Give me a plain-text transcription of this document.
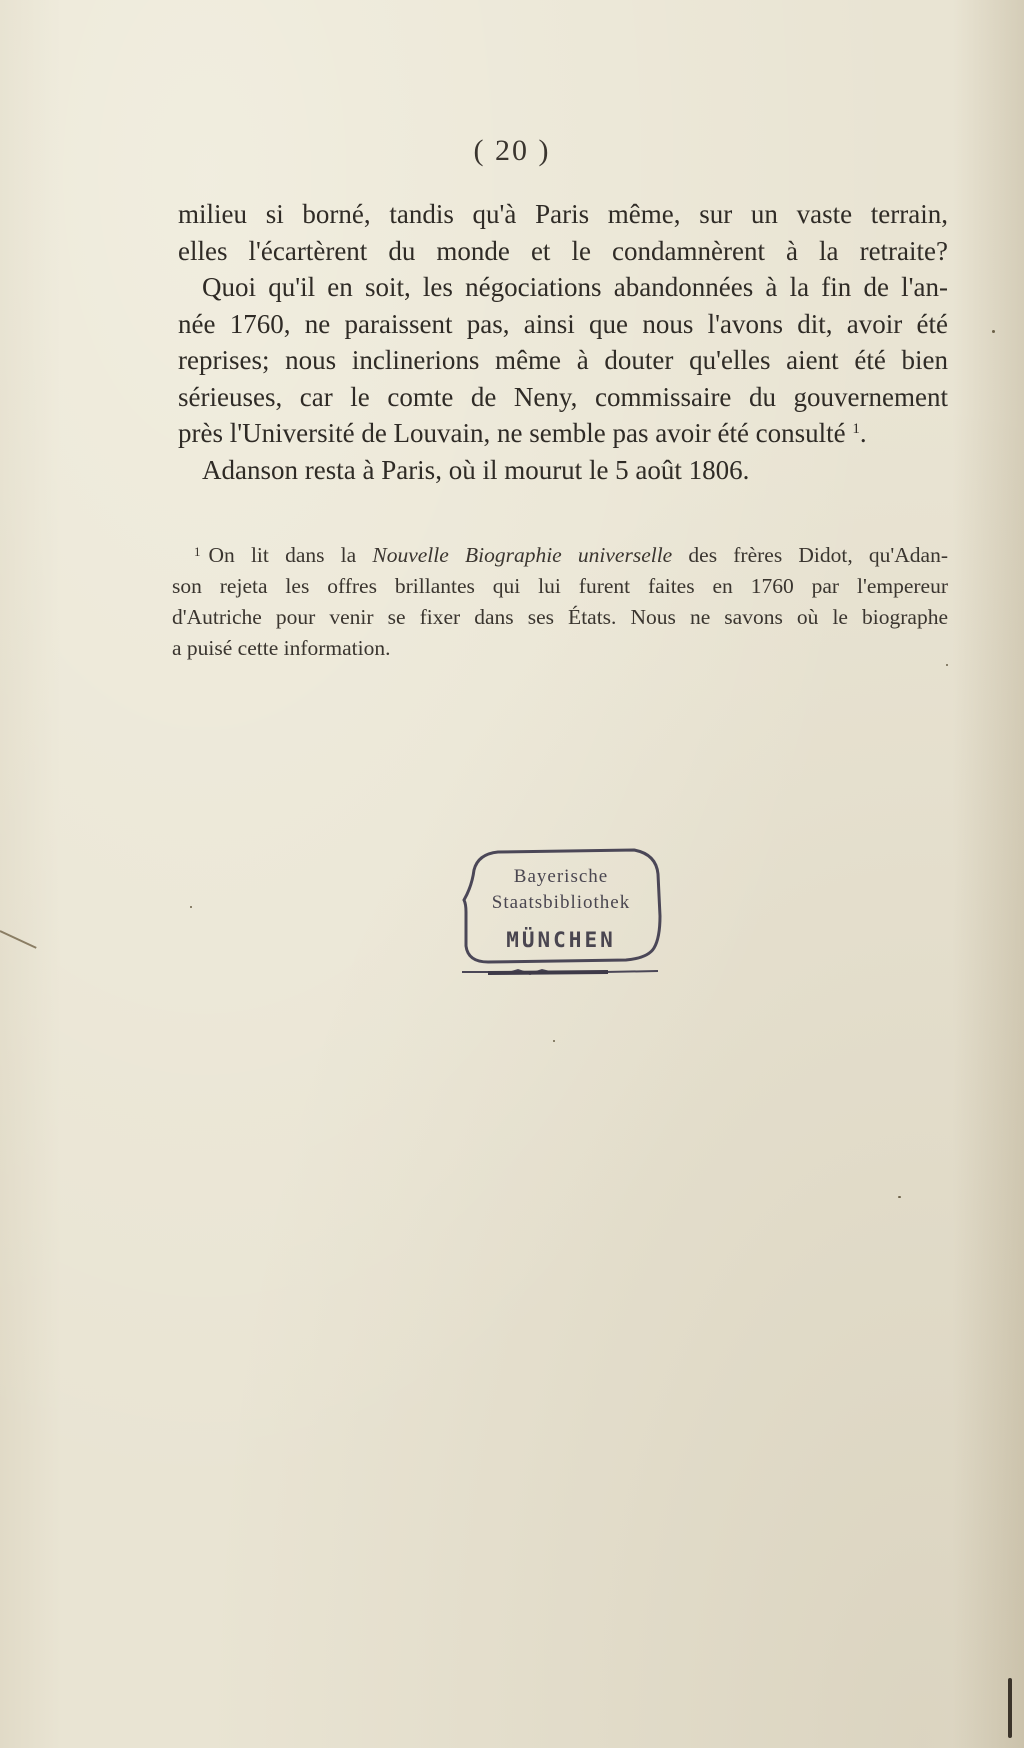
( 20 )
milieu si borné, tandis qu'à Paris même, sur un vaste terrain,
elles l'écartèrent du monde et le condamnèrent à la retraite?
Quoi qu'il en soit, les négociations abandonnées à la fin de l'an-
née 1760, ne paraissent pas, ainsi que nous l'avons dit, avoir été
reprises; nous inclinerions même à douter qu'elles aient été bien
sérieuses, car le comte de Neny, commissaire du gouvernement
près l'Université de Louvain, ne semble pas avoir été consulté $^1$.
Adanson resta à Paris, où il mourut le 5 août 1806.
$^1$ On lit dans la Nouvelle Biographie universelle des frères Didot, qu'Adan-
son rejeta les offres brillantes qui lui furent faites en 1760 par l'empereur
d'Autriche pour venir se fixer dans ses États. Nous ne savons où le biographe
a puisé cette information.
Bayerische
Staatsbibliothek
MÜNCHEN
